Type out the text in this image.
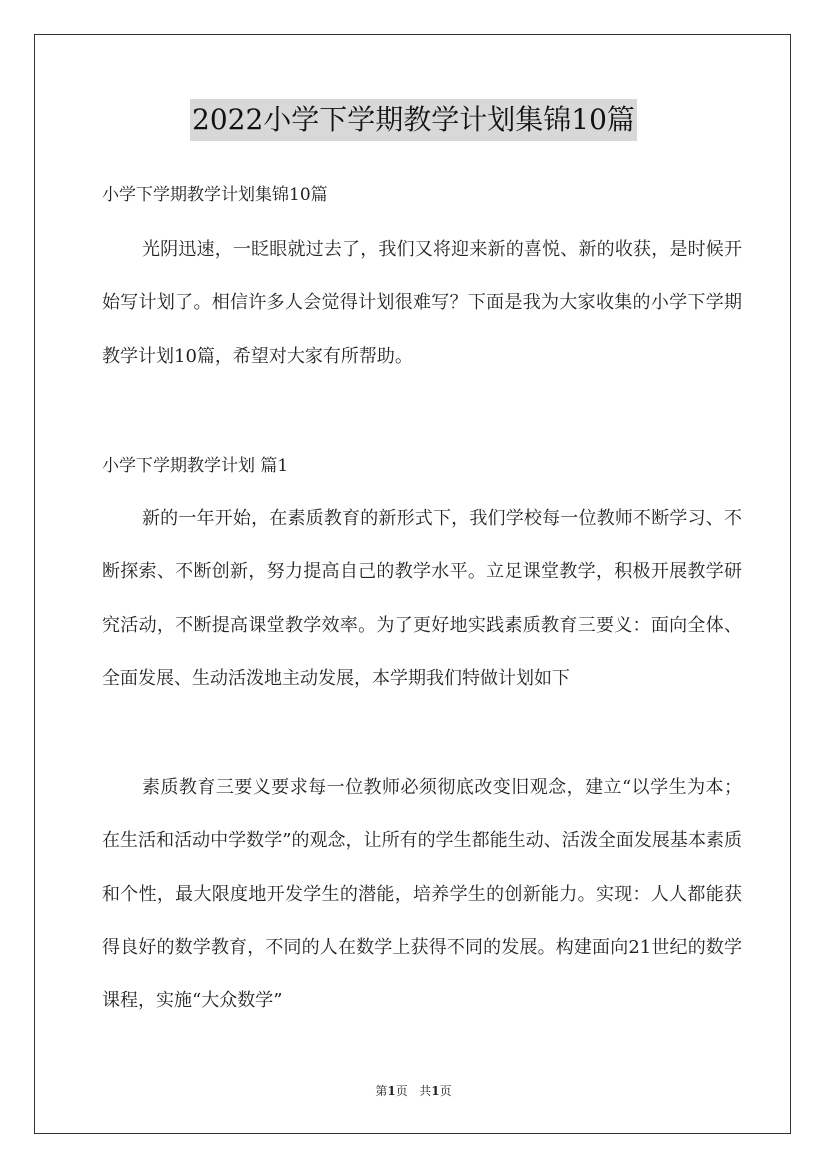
2022小学下学期教学计划集锦10篇
小学下学期教学计划集锦10篇

光阴迅速，一眨眼就过去了，我们又将迎来新的喜悦、新的收获，是时候开始写计划了。相信许多人会觉得计划很难写？下面是我为大家收集的小学下学期教学计划10篇，希望对大家有所帮助。

小学下学期教学计划 篇1

新的一年开始，在素质教育的新形式下，我们学校每一位教师不断学习、不断探索、不断创新，努力提高自己的教学水平。立足课堂教学，积极开展教学研究活动，不断提高课堂教学效率。为了更好地实践素质教育三要义：面向全体、全面发展、生动活泼地主动发展，本学期我们特做计划如下

素质教育三要义要求每一位教师必须彻底改变旧观念，建立“以学生为本；在生活和活动中学数学”的观念，让所有的学生都能生动、活泼全面发展基本素质和个性，最大限度地开发学生的潜能，培养学生的创新能力。实现：人人都能获得良好的数学教育，不同的人在数学上获得不同的发展。构建面向21世纪的数学课程，实施“大众数学”

第1页 共1页
